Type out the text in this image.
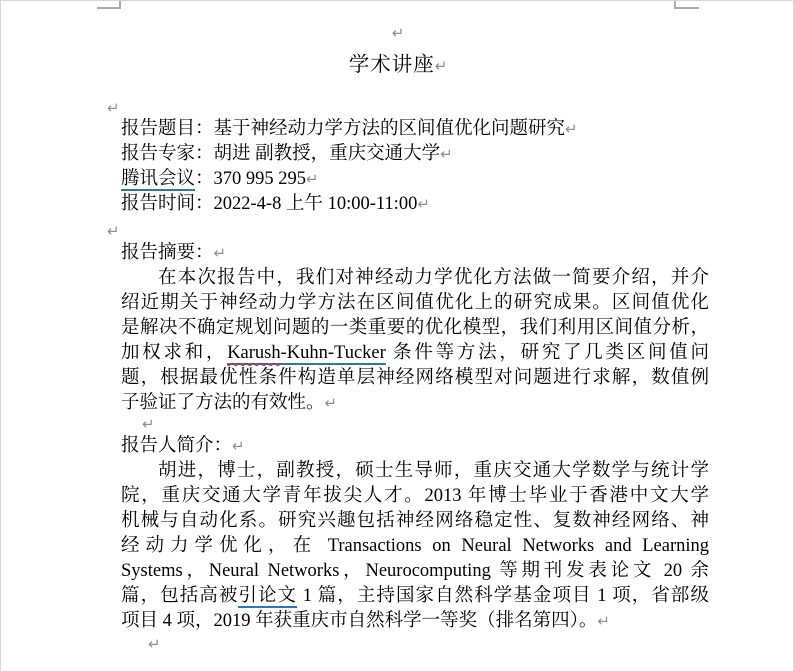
↵
学术讲座↵
↵
报告题目：基于神经动力学方法的区间值优化问题研究↵
报告专家：胡进 副教授，重庆交通大学↵
腾讯会议：370 995 295↵
报告时间：2022-4-8 上午 10:00-11:00↵
↵
报告摘要：↵
在本次报告中，我们对神经动力学优化方法做一简要介绍，并介
绍近期关于神经动力学方法在区间值优化上的研究成果。区间值优化
是解决不确定规划问题的一类重要的优化模型，我们利用区间值分析，
加权求和，Karush-Kuhn-Tucker 条件等方法，研究了几类区间值问
题，根据最优性条件构造单层神经网络模型对问题进行求解，数值例
子验证了方法的有效性。↵
↵
报告人简介：↵
胡进，博士，副教授，硕士生导师，重庆交通大学数学与统计学
院，重庆交通大学青年拔尖人才。2013 年博士毕业于香港中文大学
机械与自动化系。研究兴趣包括神经网络稳定性、复数神经网络、神
经动力学优化，在 Transactions on Neural Networks and Learning
Systems，Neural Networks，Neurocomputing 等期刊发表论文 20 余
篇，包括高被引论文 1 篇，主持国家自然科学基金项目 1 项，省部级
项目 4 项，2019 年获重庆市自然科学一等奖（排名第四）。↵
↵
